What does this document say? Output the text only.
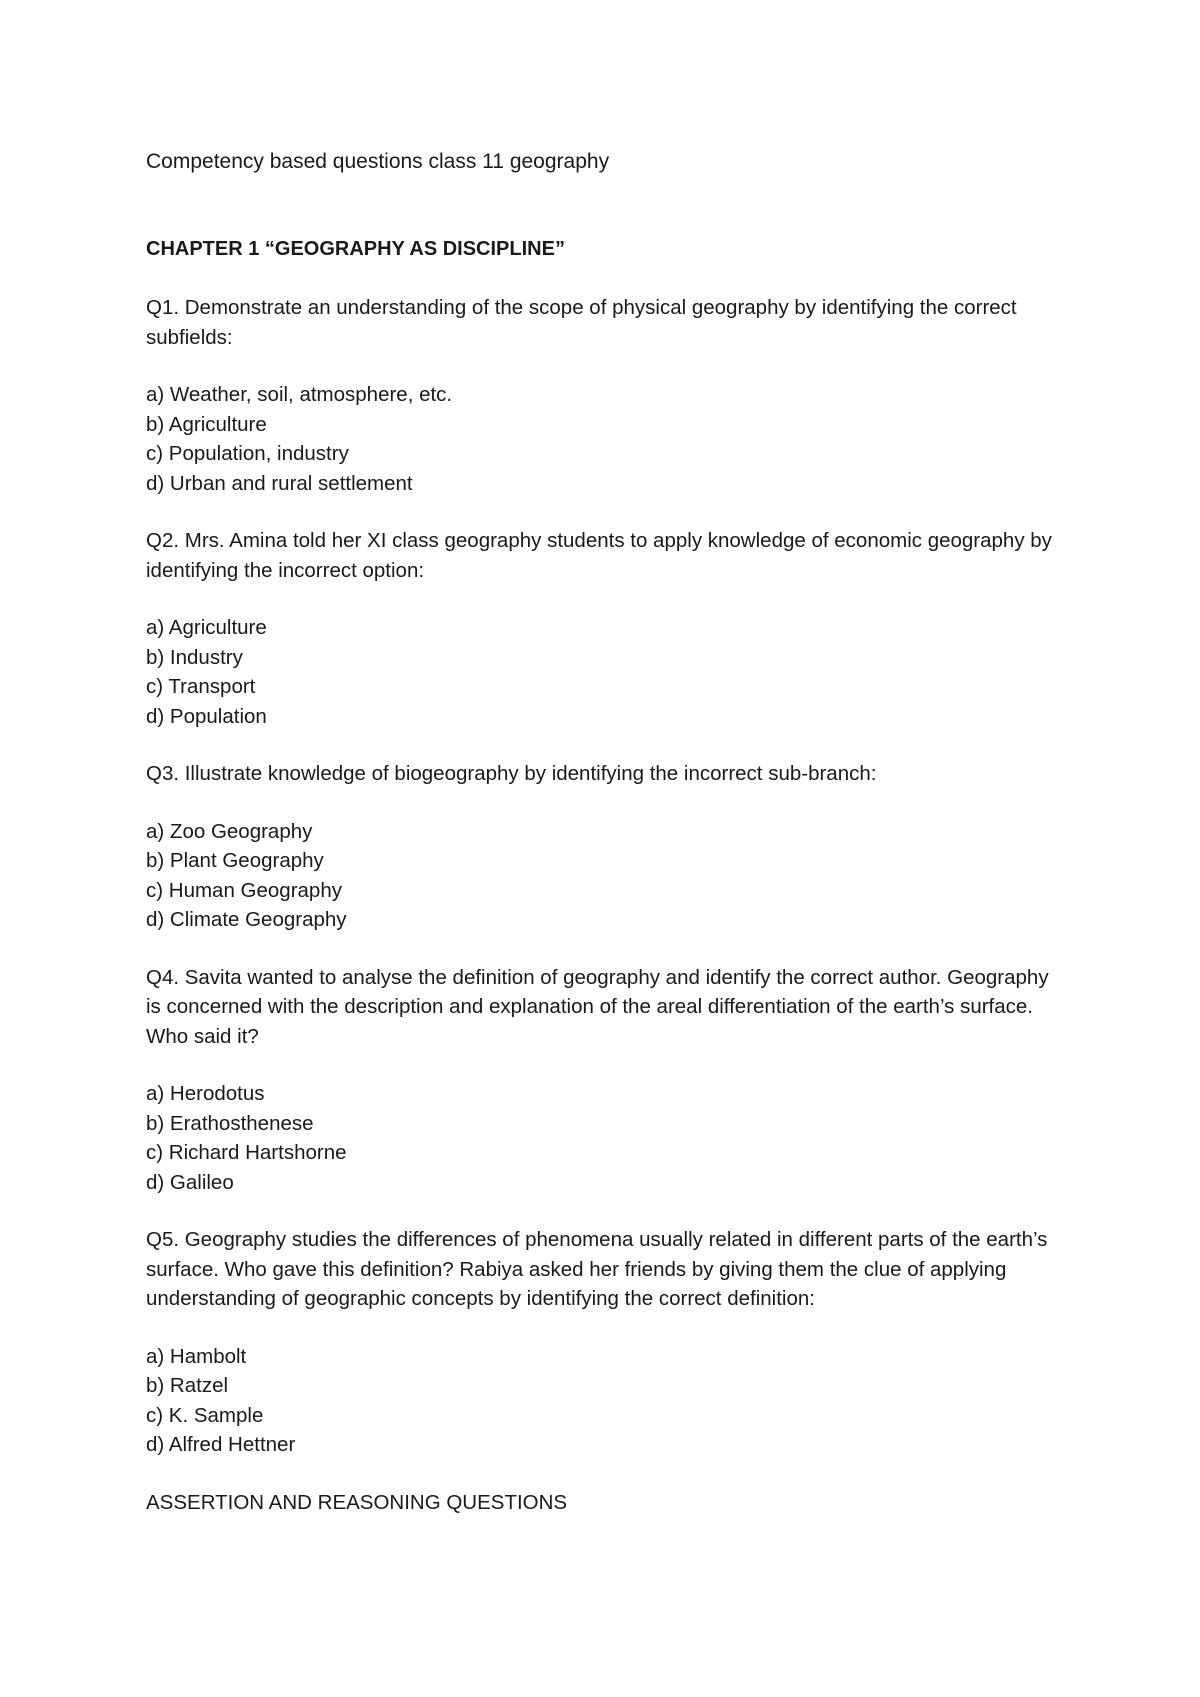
Competency based questions class 11 geography

CHAPTER 1 “GEOGRAPHY AS DISCIPLINE”

Q1. Demonstrate an understanding of the scope of physical geography by identifying the correct subfields:

a) Weather, soil, atmosphere, etc.
b) Agriculture
c) Population, industry
d) Urban and rural settlement

Q2. Mrs. Amina told her XI class geography students to apply knowledge of economic geography by identifying the incorrect option:

a) Agriculture
b) Industry
c) Transport
d) Population

Q3. Illustrate knowledge of biogeography by identifying the incorrect sub-branch:

a) Zoo Geography
b) Plant Geography
c) Human Geography
d) Climate Geography

Q4. Savita wanted to analyse the definition of geography and identify the correct author. Geography is concerned with the description and explanation of the areal differentiation of the earth’s surface. Who said it?

a) Herodotus
b) Erathosthenese
c) Richard Hartshorne
d) Galileo

Q5. Geography studies the differences of phenomena usually related in different parts of the earth’s surface. Who gave this definition? Rabiya asked her friends by giving them the clue of applying understanding of geographic concepts by identifying the correct definition:

a) Hambolt
b) Ratzel
c) K. Sample
d) Alfred Hettner

ASSERTION AND REASONING QUESTIONS
